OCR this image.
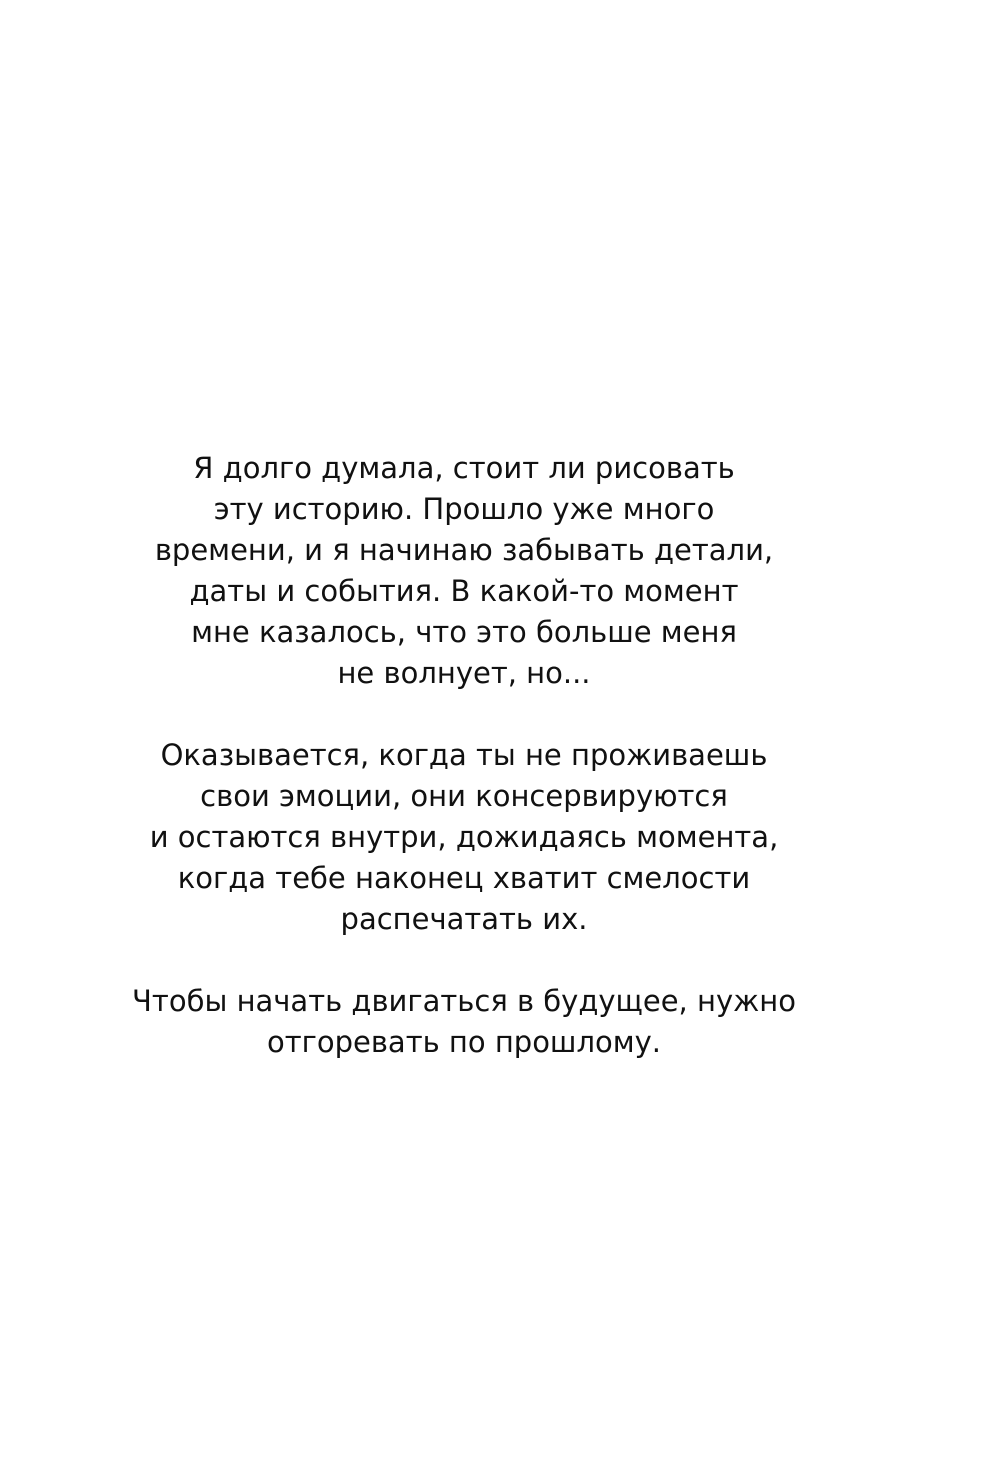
Я долго думала, стоит ли рисовать
эту историю. Прошло уже много
времени, и я начинаю забывать детали,
даты и события. В какой-то момент
мне казалось, что это больше меня
не волнует, но...

Оказывается, когда ты не проживаешь
свои эмоции, они консервируются
и остаются внутри, дожидаясь момента,
когда тебе наконец хватит смелости
распечатать их.

Чтобы начать двигаться в будущее, нужно
отгоревать по прошлому.
